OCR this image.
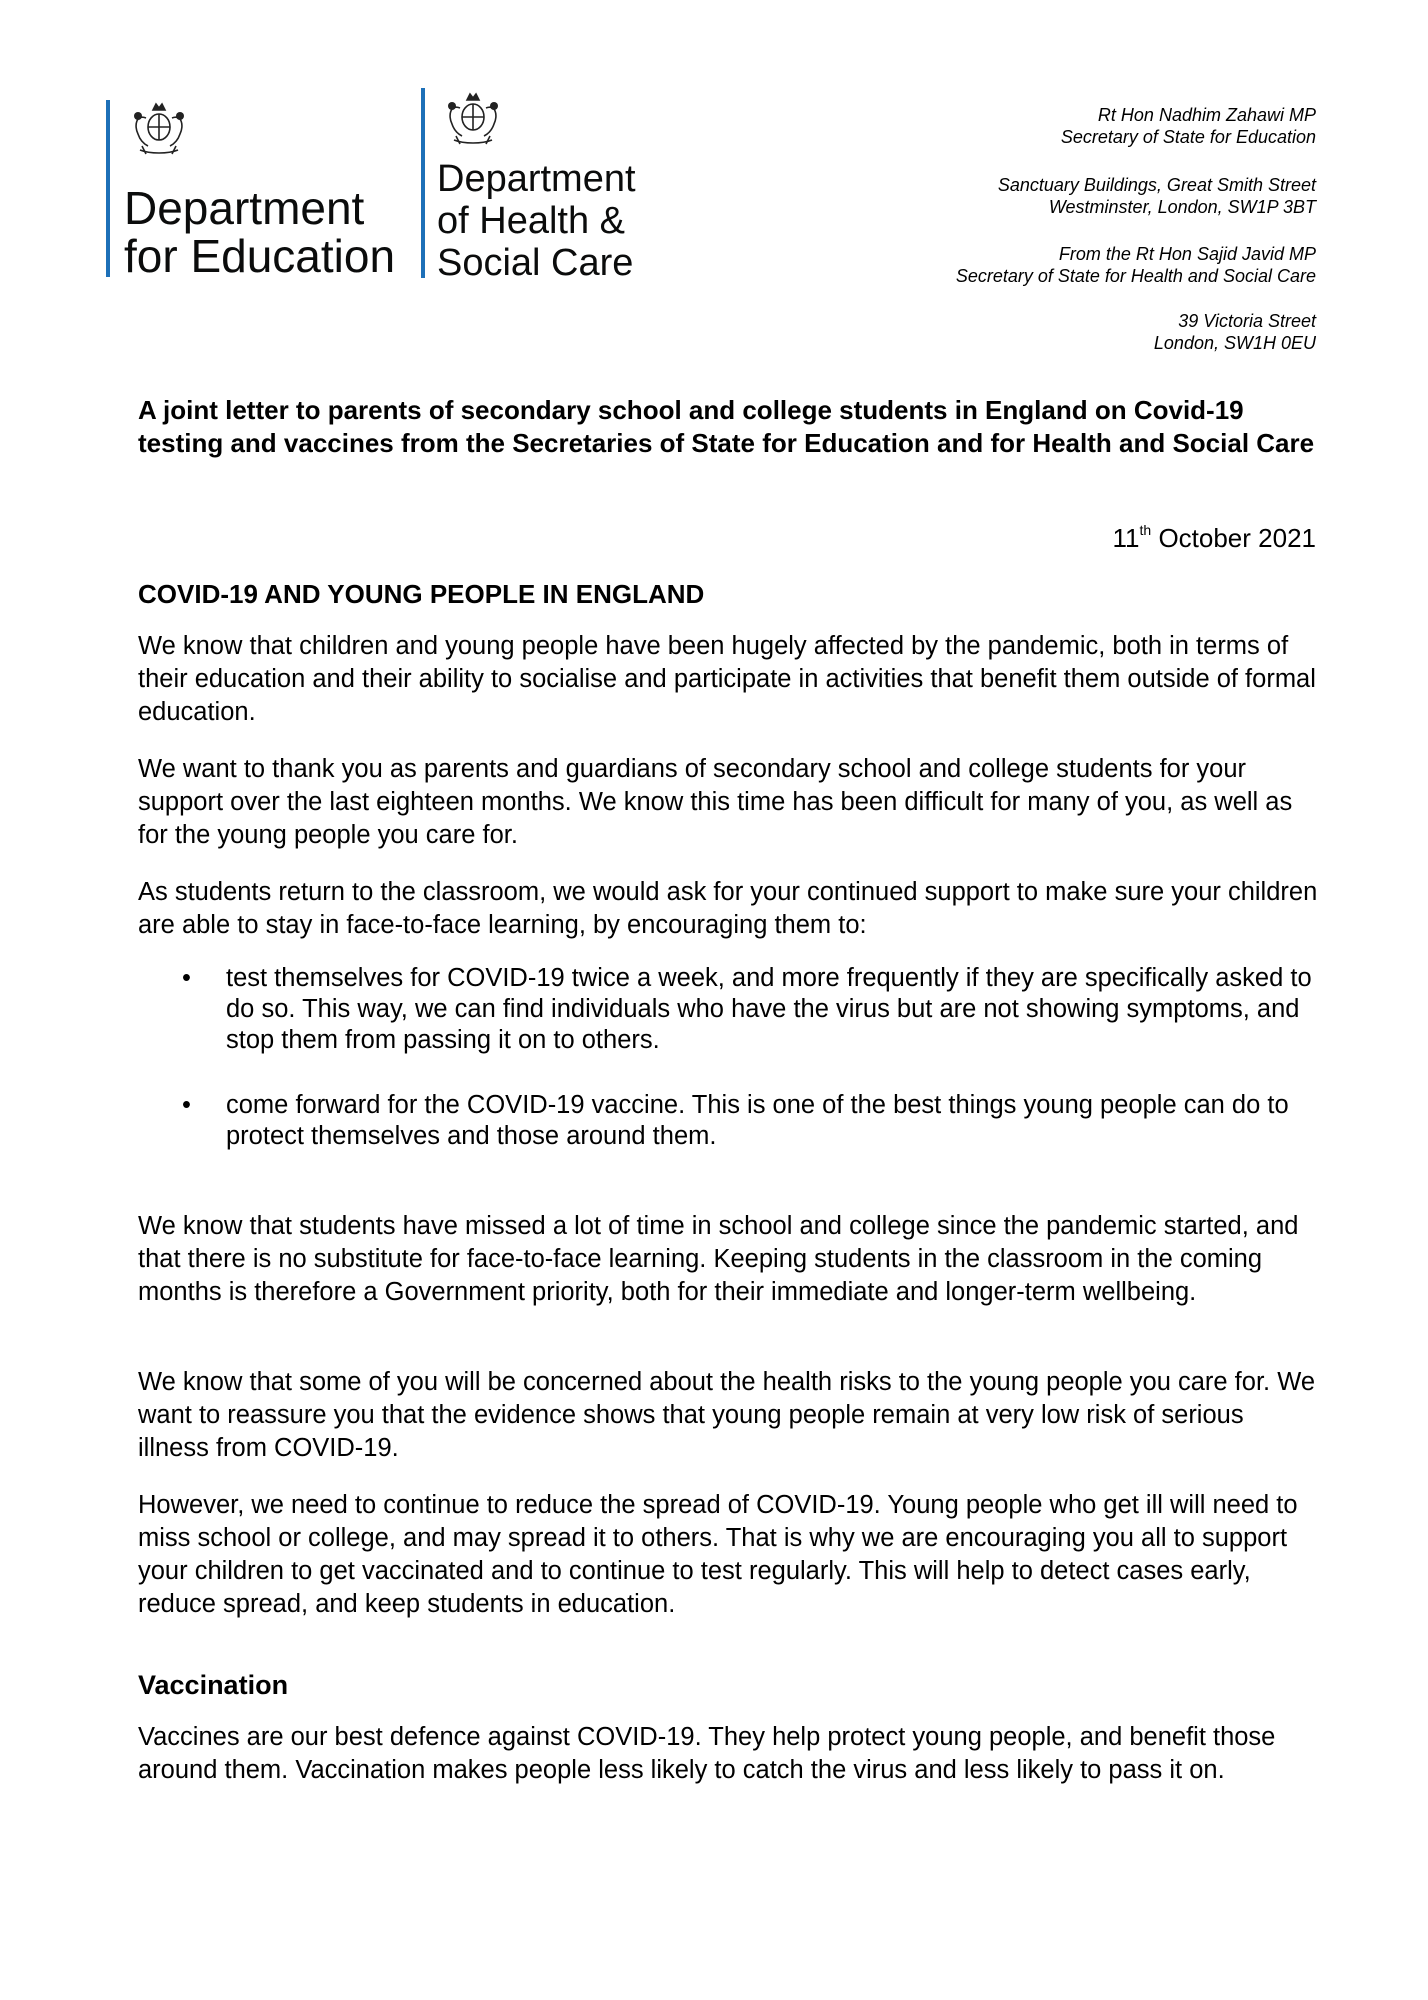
Department
for Education
Department
of Health &
Social Care
Rt Hon Nadhim Zahawi MP
Secretary of State for Education
Sanctuary Buildings, Great Smith Street
Westminster, London, SW1P 3BT
From the Rt Hon Sajid Javid MP
Secretary of State for Health and Social Care
39 Victoria Street
London, SW1H 0EU
A joint letter to parents of secondary school and college students in England on Covid-19 testing and vaccines from the Secretaries of State for Education and for Health and Social Care
11th October 2021
COVID-19 AND YOUNG PEOPLE IN ENGLAND
We know that children and young people have been hugely affected by the pandemic, both in terms of their education and their ability to socialise and participate in activities that benefit them outside of formal education.
We want to thank you as parents and guardians of secondary school and college students for your support over the last eighteen months. We know this time has been difficult for many of you, as well as for the young people you care for.
As students return to the classroom, we would ask for your continued support to make sure your children are able to stay in face-to-face learning, by encouraging them to:
• test themselves for COVID-19 twice a week, and more frequently if they are specifically asked to do so. This way, we can find individuals who have the virus but are not showing symptoms, and stop them from passing it on to others.
• come forward for the COVID-19 vaccine. This is one of the best things young people can do to protect themselves and those around them.
We know that students have missed a lot of time in school and college since the pandemic started, and that there is no substitute for face-to-face learning. Keeping students in the classroom in the coming months is therefore a Government priority, both for their immediate and longer-term wellbeing.
We know that some of you will be concerned about the health risks to the young people you care for. We want to reassure you that the evidence shows that young people remain at very low risk of serious illness from COVID-19.
However, we need to continue to reduce the spread of COVID-19. Young people who get ill will need to miss school or college, and may spread it to others. That is why we are encouraging you all to support your children to get vaccinated and to continue to test regularly. This will help to detect cases early, reduce spread, and keep students in education.
Vaccination
Vaccines are our best defence against COVID-19. They help protect young people, and benefit those around them. Vaccination makes people less likely to catch the virus and less likely to pass it on.
